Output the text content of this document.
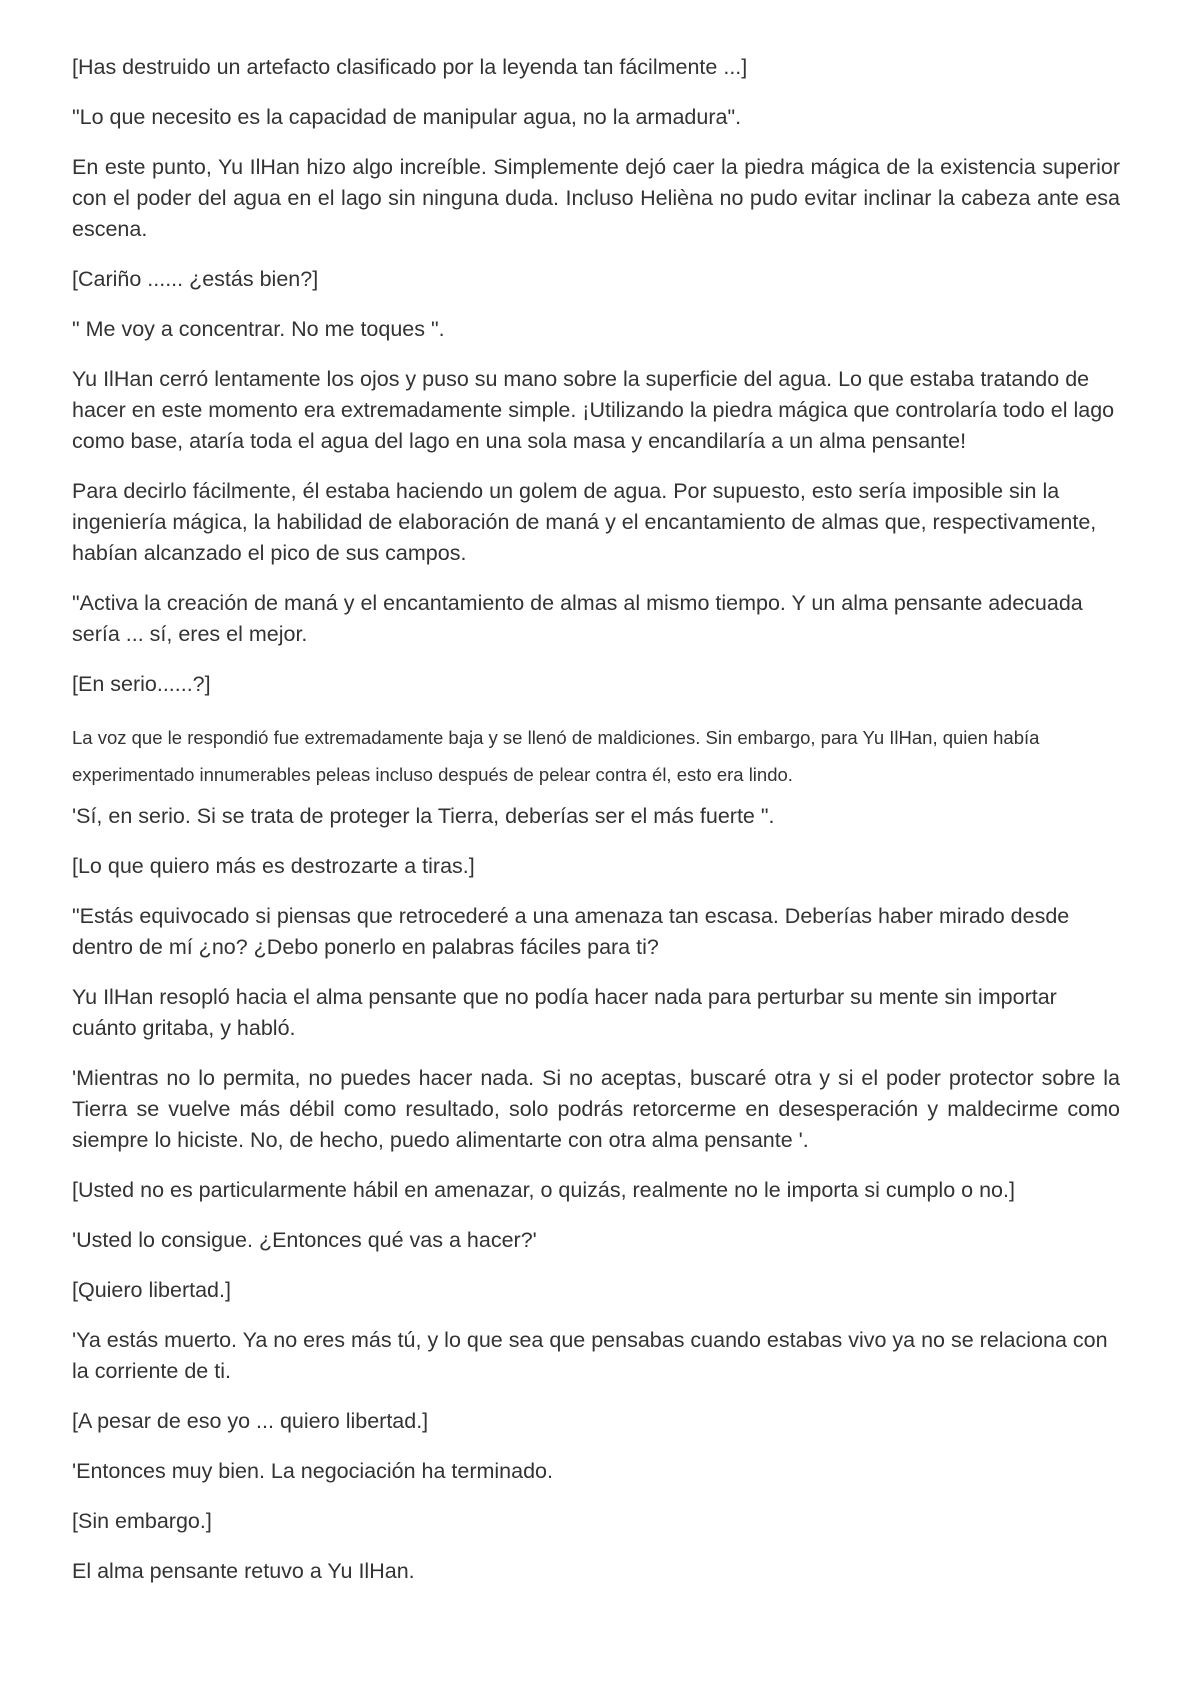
[Has destruido un artefacto clasificado por la leyenda tan fácilmente ...]

"Lo que necesito es la capacidad de manipular agua, no la armadura".

En este punto, Yu IlHan hizo algo increíble. Simplemente dejó caer la piedra mágica de la existencia superior con el poder del agua en el lago sin ninguna duda. Incluso Helièna no pudo evitar inclinar la cabeza ante esa escena.

[Cariño ...... ¿estás bien?]

" Me voy a concentrar. No me toques ".

Yu IlHan cerró lentamente los ojos y puso su mano sobre la superficie del agua. Lo que estaba tratando de hacer en este momento era extremadamente simple. ¡Utilizando la piedra mágica que controlaría todo el lago como base, ataría toda el agua del lago en una sola masa y encandilaría a un alma pensante!

Para decirlo fácilmente, él estaba haciendo un golem de agua. Por supuesto, esto sería imposible sin la ingeniería mágica, la habilidad de elaboración de maná y el encantamiento de almas que, respectivamente, habían alcanzado el pico de sus campos.

"Activa la creación de maná y el encantamiento de almas al mismo tiempo. Y un alma pensante adecuada sería ... sí, eres el mejor.

[En serio......?]

La voz que le respondió fue extremadamente baja y se llenó de maldiciones. Sin embargo, para Yu IlHan, quien había experimentado innumerables peleas incluso después de pelear contra él, esto era lindo.

'Sí, en serio. Si se trata de proteger la Tierra, deberías ser el más fuerte ".

[Lo que quiero más es destrozarte a tiras.]

"Estás equivocado si piensas que retrocederé a una amenaza tan escasa. Deberías haber mirado desde dentro de mí ¿no? ¿Debo ponerlo en palabras fáciles para ti?

Yu IlHan resopló hacia el alma pensante que no podía hacer nada para perturbar su mente sin importar cuánto gritaba, y habló.

'Mientras no lo permita, no puedes hacer nada. Si no aceptas, buscaré otra y si el poder protector sobre la Tierra se vuelve más débil como resultado, solo podrás retorcerme en desesperación y maldecirme como siempre lo hiciste. No, de hecho, puedo alimentarte con otra alma pensante '.

[Usted no es particularmente hábil en amenazar, o quizás, realmente no le importa si cumplo o no.]

'Usted lo consigue. ¿Entonces qué vas a hacer?'

[Quiero libertad.]

'Ya estás muerto. Ya no eres más tú, y lo que sea que pensabas cuando estabas vivo ya no se relaciona con la corriente de ti.

[A pesar de eso yo ... quiero libertad.]

'Entonces muy bien. La negociación ha terminado.

[Sin embargo.]

El alma pensante retuvo a Yu IlHan.
